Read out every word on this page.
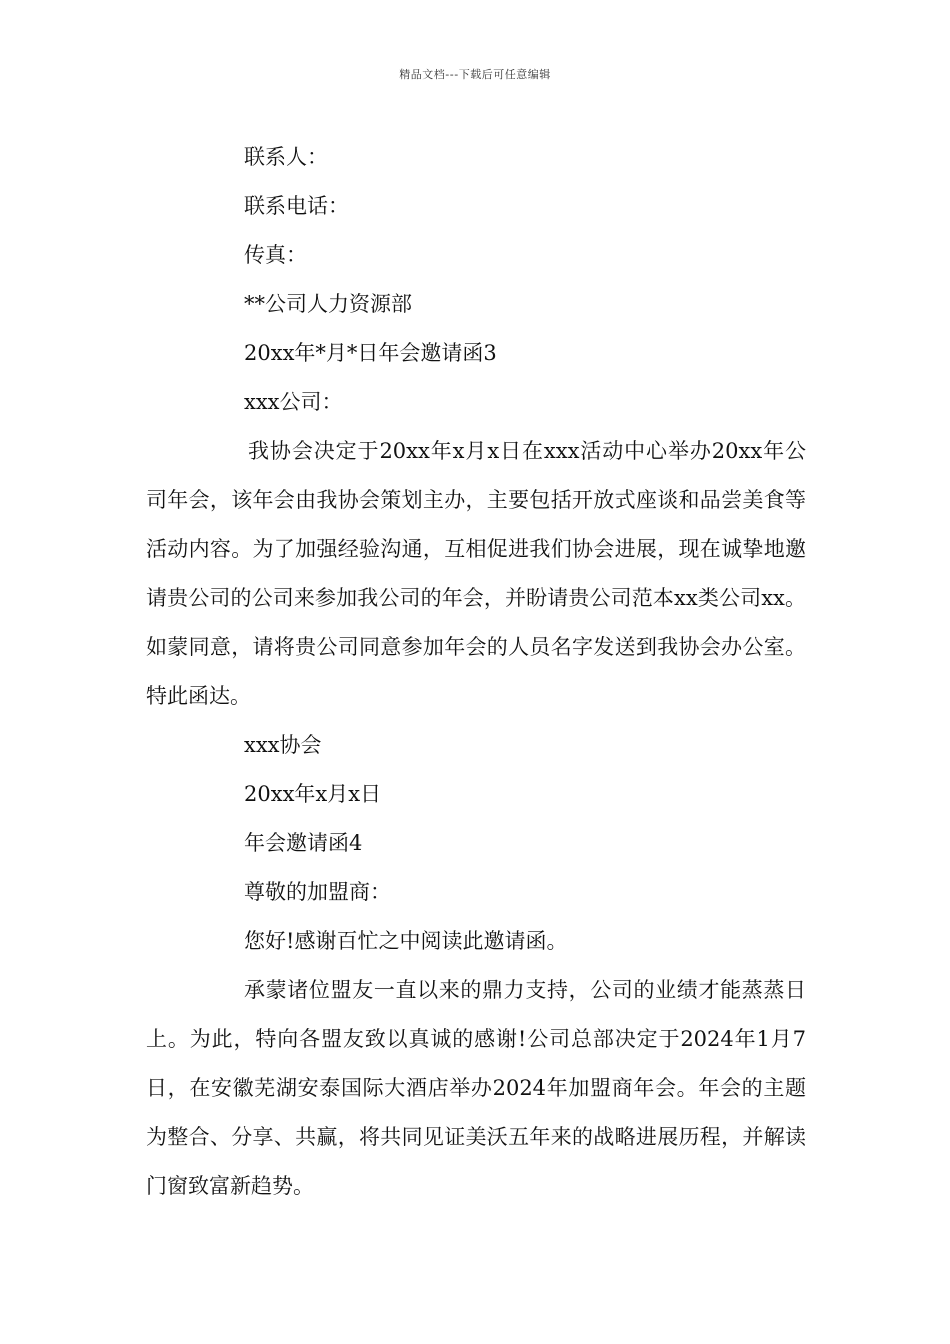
精品文档---下载后可任意编辑
联系人：
联系电话：
传真：
**公司人力资源部
20xx年*月*日年会邀请函3
xxx公司：

我协会决定于20xx年x月x日在xxx活动中心举办20xx年公司年会，该年会由我协会策划主办，主要包括开放式座谈和品尝美食等活动内容。为了加强经验沟通，互相促进我们协会进展，现在诚挚地邀请贵公司的公司来参加我公司的年会，并盼请贵公司范本xx类公司xx。如蒙同意，请将贵公司同意参加年会的人员名字发送到我协会办公室。特此函达。

xxx协会
20xx年x月x日
年会邀请函4
尊敬的加盟商：
您好!感谢百忙之中阅读此邀请函。

承蒙诸位盟友一直以来的鼎力支持，公司的业绩才能蒸蒸日上。为此，特向各盟友致以真诚的感谢!公司总部决定于2024年1月7日，在安徽芜湖安泰国际大酒店举办2024年加盟商年会。年会的主题为整合、分享、共赢，将共同见证美沃五年来的战略进展历程，并解读门窗致富新趋势。
